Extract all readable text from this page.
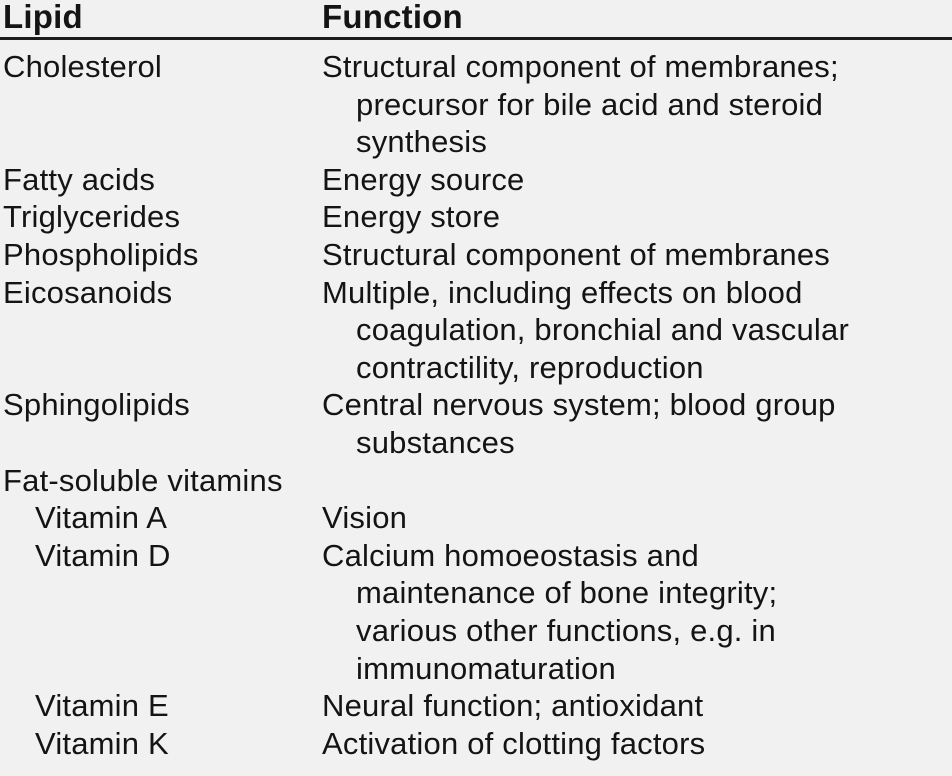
Lipid	Function
Cholesterol	Structural component of membranes;
precursor for bile acid and steroid
synthesis
Fatty acids	Energy source
Triglycerides	Energy store
Phospholipids	Structural component of membranes
Eicosanoids	Multiple, including effects on blood
coagulation, bronchial and vascular
contractility, reproduction
Sphingolipids	Central nervous system; blood group
substances
Fat-soluble vitamins
Vitamin A	Vision
Vitamin D	Calcium homoeostasis and
maintenance of bone integrity;
various other functions, e.g. in
immunomaturation
Vitamin E	Neural function; antioxidant
Vitamin K	Activation of clotting factors
